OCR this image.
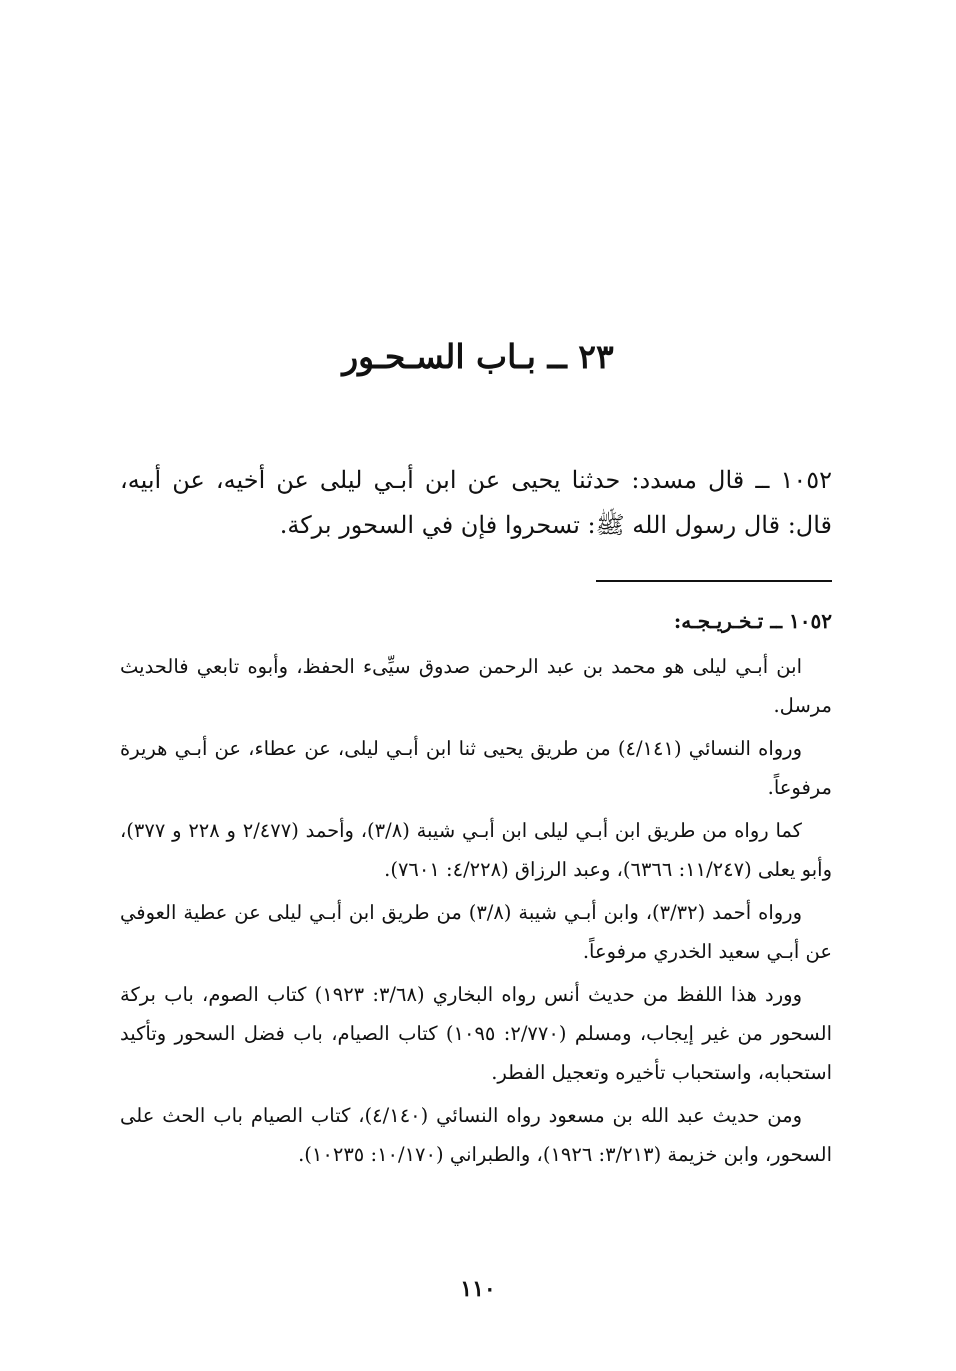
٢٣ ــ بـاب السـحـور

١٠٥٢ ــ قال مسدد: حدثنا يحيى عن ابن أبـي ليلى عن أخيه، عن أبيه، قال: قال رسول الله ﷺ: تسحروا فإن في السحور بركة.

١٠٥٢ ــ تـخـريـجـه:

ابن أبـي ليلى هو محمد بن عبد الرحمن صدوق سيِّىء الحفظ، وأبوه تابعي فالحديث مرسل.

ورواه النسائي (٤/١٤١) من طريق يحيى ثنا ابن أبـي ليلى، عن عطاء، عن أبـي هريرة مرفوعاً.

كما رواه من طريق ابن أبـي ليلى ابن أبـي شيبة (٣/٨)، وأحمد (٢/٤٧٧ و ٢٢٨ و ٣٧٧)، وأبو يعلى (١١/٢٤٧: ٦٣٦٦)، وعبد الرزاق (٤/٢٢٨: ٧٦٠١).

ورواه أحمد (٣/٣٢)، وابن أبـي شيبة (٣/٨) من طريق ابن أبـي ليلى عن عطية العوفي عن أبـي سعيد الخدري مرفوعاً.

وورد هذا اللفظ من حديث أنس رواه البخاري (٣/٦٨: ١٩٢٣) كتاب الصوم، باب بركة السحور من غير إيجاب، ومسلم (٢/٧٧٠: ١٠٩٥) كتاب الصيام، باب فضل السحور وتأكيد استحبابه، واستحباب تأخيره وتعجيل الفطر.

ومن حديث عبد الله بن مسعود رواه النسائي (٤/١٤٠)، كتاب الصيام باب الحث على السحور، وابن خزيمة (٣/٢١٣: ١٩٢٦)، والطبراني (١٠/١٧٠: ١٠٢٣٥).

١١٠
